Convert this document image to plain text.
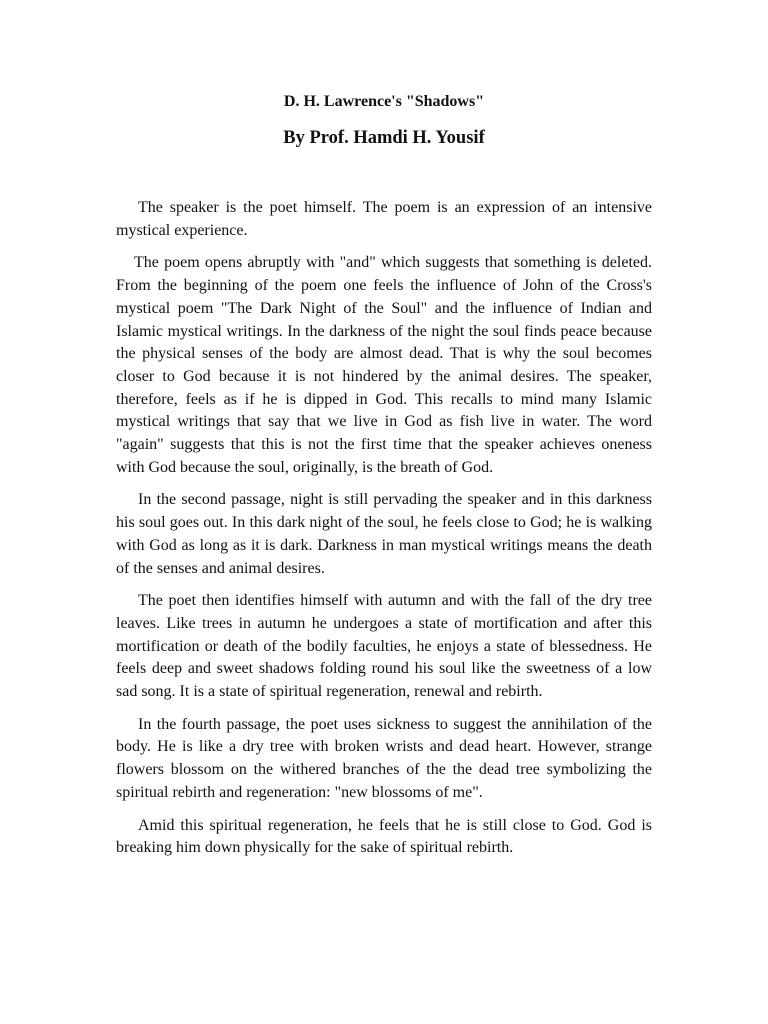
D. H. Lawrence's "Shadows"
By Prof. Hamdi H. Yousif

The speaker is the poet himself. The poem is an expression of an intensive mystical experience.

The poem opens abruptly with "and" which suggests that something is deleted. From the beginning of the poem one feels the influence of John of the Cross's mystical poem "The Dark Night of the Soul" and the influence of Indian and Islamic mystical writings. In the darkness of the night the soul finds peace because the physical senses of the body are almost dead. That is why the soul becomes closer to God because it is not hindered by the animal desires. The speaker, therefore, feels as if he is dipped in God. This recalls to mind many Islamic mystical writings that say that we live in God as fish live in water. The word "again" suggests that this is not the first time that the speaker achieves oneness with God because the soul, originally, is the breath of God.

In the second passage, night is still pervading the speaker and in this darkness his soul goes out. In this dark night of the soul, he feels close to God; he is walking with God as long as it is dark. Darkness in man mystical writings means the death of the senses and animal desires.

The poet then identifies himself with autumn and with the fall of the dry tree leaves. Like trees in autumn he undergoes a state of mortification and after this mortification or death of the bodily faculties, he enjoys a state of blessedness. He feels deep and sweet shadows folding round his soul like the sweetness of a low sad song. It is a state of spiritual regeneration, renewal and rebirth.

In the fourth passage, the poet uses sickness to suggest the annihilation of the body. He is like a dry tree with broken wrists and dead heart. However, strange flowers blossom on the withered branches of the the dead tree symbolizing the spiritual rebirth and regeneration: "new blossoms of me".

Amid this spiritual regeneration, he feels that he is still close to God. God is breaking him down physically for the sake of spiritual rebirth.
